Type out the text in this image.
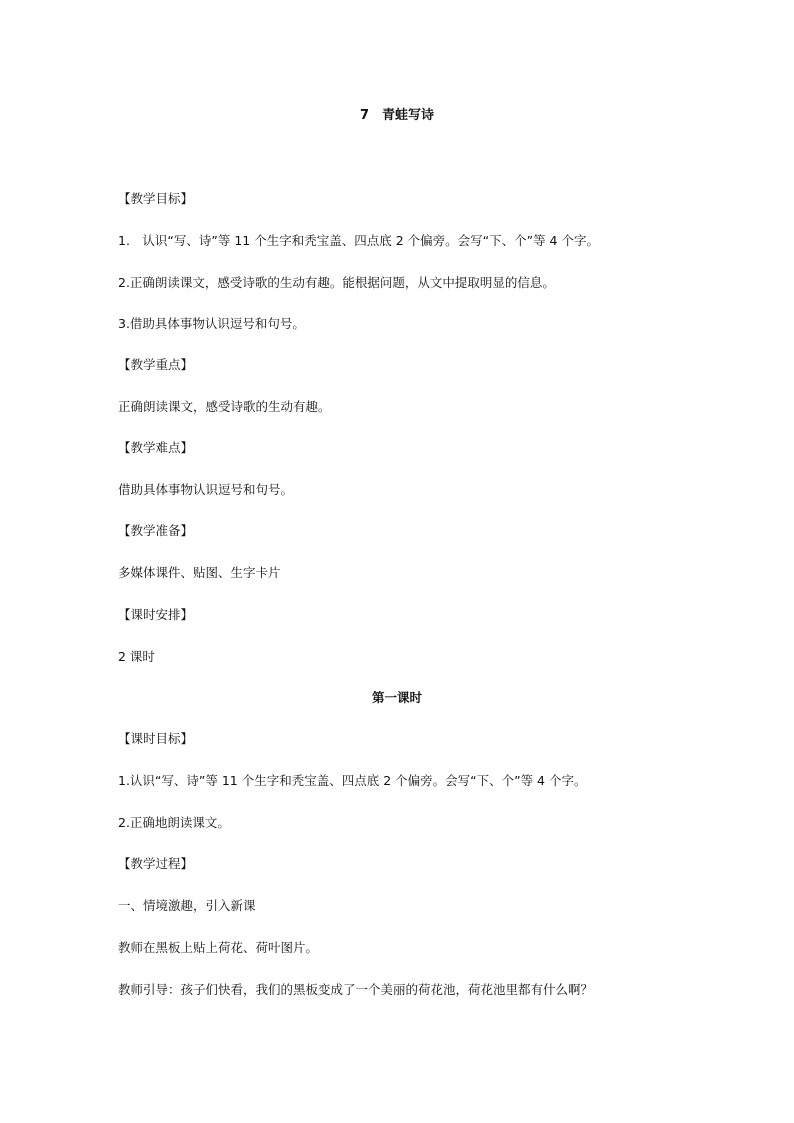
7　青蛙写诗
【教学目标】
1.　认识“写、诗”等 11 个生字和秃宝盖、四点底 2 个偏旁。会写“下、个”等 4 个字。
2.正确朗读课文，感受诗歌的生动有趣。能根据问题，从文中提取明显的信息。
3.借助具体事物认识逗号和句号。
【教学重点】
正确朗读课文，感受诗歌的生动有趣。
【教学难点】
借助具体事物认识逗号和句号。
【教学准备】
多媒体课件、贴图、生字卡片
【课时安排】
2 课时
第一课时
【课时目标】
1.认识“写、诗”等 11 个生字和秃宝盖、四点底 2 个偏旁。会写“下、个”等 4 个字。
2.正确地朗读课文。
【教学过程】
一、情境激趣，引入新课
教师在黑板上贴上荷花、荷叶图片。
教师引导：孩子们快看，我们的黑板变成了一个美丽的荷花池，荷花池里都有什么啊？
